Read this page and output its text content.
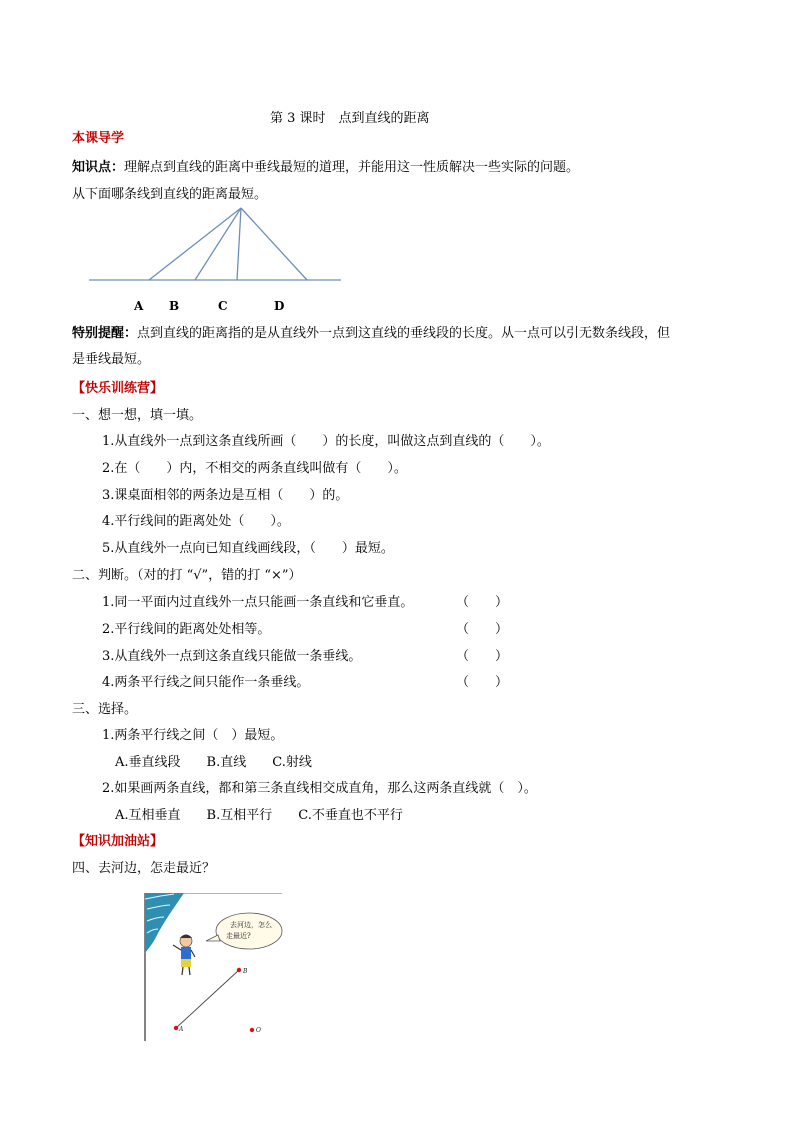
第 3 课时　点到直线的距离
本课导学
知识点：理解点到直线的距离中垂线最短的道理，并能用这一性质解决一些实际的问题。
从下面哪条线到直线的距离最短。
A B	C	D
特别提醒：点到直线的距离指的是从直线外一点到这直线的垂线段的长度。从一点可以引无数条线段，但
是垂线最短。
【快乐训练营】
一、想一想，填一填。
1.从直线外一点到这条直线所画（　　）的长度，叫做这点到直线的（　　）。
2.在（　　）内，不相交的两条直线叫做有（　　）。
3.课桌面相邻的两条边是互相（　　）的。
4.平行线间的距离处处（　　）。
5.从直线外一点向已知直线画线段，（　　）最短。
二、判断。（对的打 “√”，错的打 “×”）
1.同一平面内过直线外一点只能画一条直线和它垂直。	（　　）
2.平行线间的距离处处相等。	（　　）
3.从直线外一点到这条直线只能做一条垂线。	（　　）
4.两条平行线之间只能作一条垂线。	（　　）
三、选择。
1.两条平行线之间（　）最短。
A.垂直线段　　B.直线　　C.射线
2.如果画两条直线，都和第三条直线相交成直角，那么这两条直线就（　）。
A.互相垂直　　B.互相平行　　C.不垂直也不平行
【知识加油站】
四、去河边，怎走最近？
去河边，怎么
走最近?
B
A	O
